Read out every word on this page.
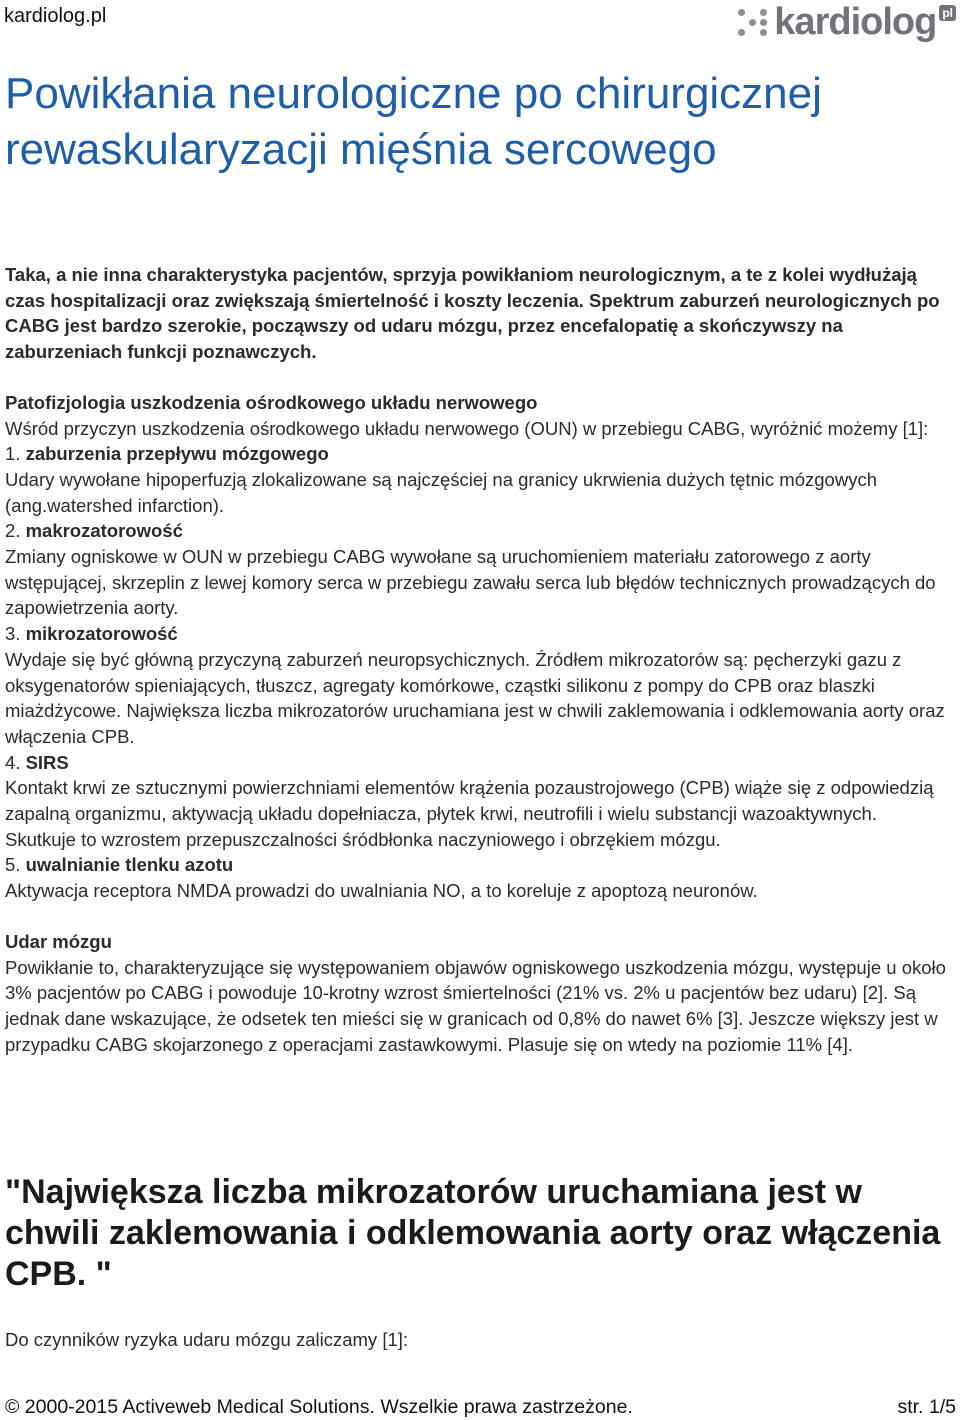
kardiolog.pl	kardiolog pl
Powikłania neurologiczne po chirurgicznej rewaskularyzacji mięśnia sercowego

Taka, a nie inna charakterystyka pacjentów, sprzyja powikłaniom neurologicznym, a te z kolei wydłużają czas hospitalizacji oraz zwiększają śmiertelność i koszty leczenia. Spektrum zaburzeń neurologicznych po CABG jest bardzo szerokie, począwszy od udaru mózgu, przez encefalopatię a skończywszy na zaburzeniach funkcji poznawczych.

Patofizjologia uszkodzenia ośrodkowego układu nerwowego

Wśród przyczyn uszkodzenia ośrodkowego układu nerwowego (OUN) w przebiegu CABG, wyróżnić możemy [1]:

1. zaburzenia przepływu mózgowego

Udary wywołane hipoperfuzją zlokalizowane są najczęściej na granicy ukrwienia dużych tętnic mózgowych (ang.watershed infarction).

2. makrozatorowość

Zmiany ogniskowe w OUN w przebiegu CABG wywołane są uruchomieniem materiału zatorowego z aorty wstępującej, skrzeplin z lewej komory serca w przebiegu zawału serca lub błędów technicznych prowadzących do zapowietrzenia aorty.

3. mikrozatorowość

Wydaje się być główną przyczyną zaburzeń neuropsychicznych. Źródłem mikrozatorów są: pęcherzyki gazu z oksygenatorów spieniających, tłuszcz, agregaty komórkowe, cząstki silikonu z pompy do CPB oraz blaszki miażdżycowe. Największa liczba mikrozatorów uruchamiana jest w chwili zaklemowania i odklemowania aorty oraz włączenia CPB.

4. SIRS

Kontakt krwi ze sztucznymi powierzchniami elementów krążenia pozaustrojowego (CPB) wiąże się z odpowiedzią zapalną organizmu, aktywacją układu dopełniacza, płytek krwi, neutrofili i wielu substancji wazoaktywnych. Skutkuje to wzrostem przepuszczalności śródbłonka naczyniowego i obrzękiem mózgu.

5. uwalnianie tlenku azotu

Aktywacja receptora NMDA prowadzi do uwalniania NO, a to koreluje z apoptozą neuronów.

Udar mózgu

Powikłanie to, charakteryzujące się występowaniem objawów ogniskowego uszkodzenia mózgu, występuje u około 3% pacjentów po CABG i powoduje 10-krotny wzrost śmiertelności (21% vs. 2% u pacjentów bez udaru) [2]. Są jednak dane wskazujące, że odsetek ten mieści się w granicach od 0,8% do nawet 6% [3]. Jeszcze większy jest w przypadku CABG skojarzonego z operacjami zastawkowymi. Plasuje się on wtedy na poziomie 11% [4].

"Największa liczba mikrozatorów uruchamiana jest w chwili zaklemowania i odklemowania aorty oraz włączenia CPB. "

Do czynników ryzyka udaru mózgu zaliczamy [1]:

© 2000-2015 Activeweb Medical Solutions. Wszelkie prawa zastrzeżone.	str. 1/5
